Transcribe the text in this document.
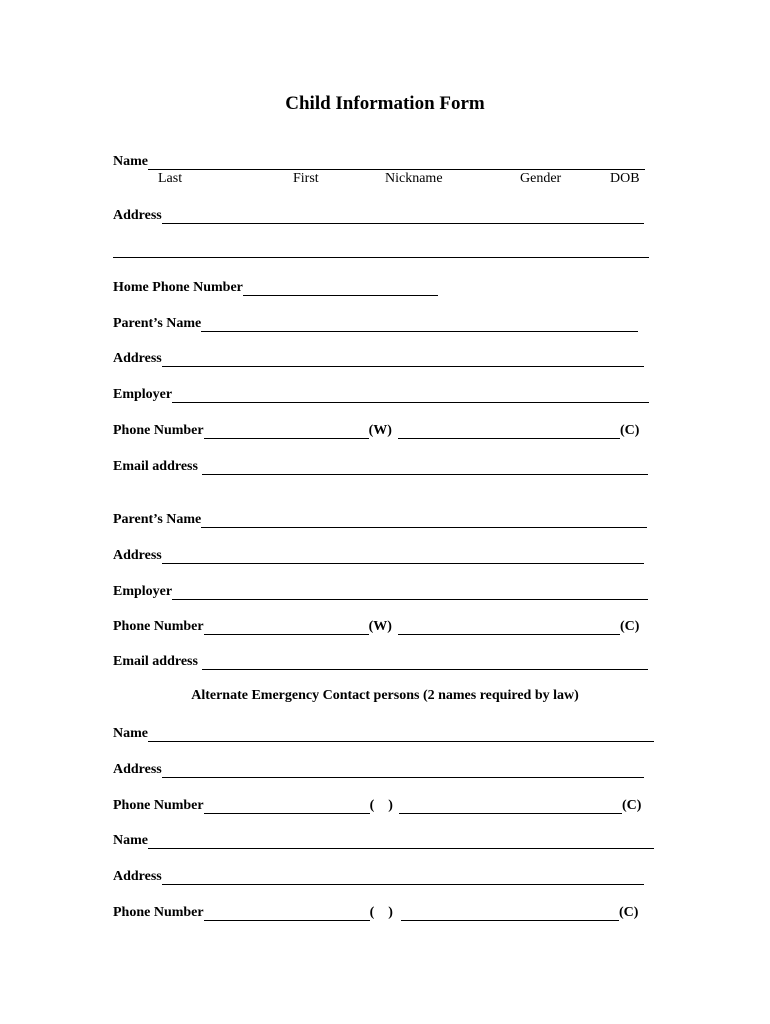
Child Information Form
Name
Last	First	Nickname	Gender	DOB
Address
Home Phone Number
Parent’s Name
Address
Employer
Phone Number	(W)	(C)
Email address
Parent’s Name
Address
Employer
Phone Number	(W)	(C)
Email address
Alternate Emergency Contact persons (2 names required by law)
Name
Address
Phone Number	(    )	(C)
Name
Address
Phone Number	(    )	(C)
